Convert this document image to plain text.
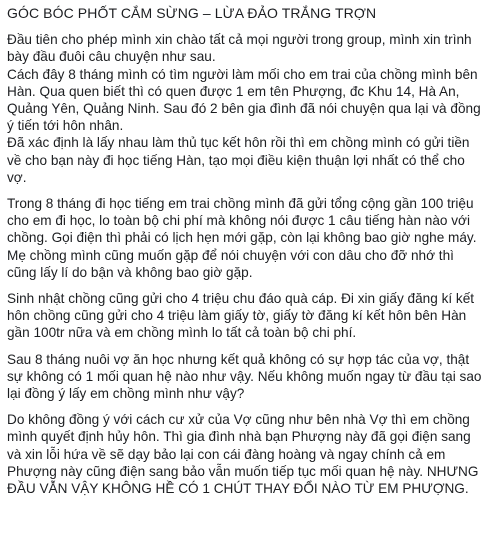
GÓC BÓC PHỐT CẮM SỪNG – LỪA ĐẢO TRẮNG TRỢN
Đầu tiên cho phép mình xin chào tất cả mọi người trong group, mình xin trình bày đầu đuôi câu chuyện như sau.
Cách đây 8 tháng mình có tìm người làm mối cho em trai của chồng mình bên Hàn. Qua quen biết thì có quen được 1 em tên Phượng, đc Khu 14, Hà An, Quảng Yên, Quảng Ninh. Sau đó 2 bên gia đình đã nói chuyện qua lại và đồng ý tiến tới hôn nhân.
Đã xác định là lấy nhau làm thủ tục kết hôn rồi thì em chồng mình có gửi tiền về cho bạn này đi học tiếng Hàn, tạo mọi điều kiện thuận lợi nhất có thể cho vợ.
Trong 8 tháng đi học tiếng em trai chồng mình đã gửi tổng cộng gần 100 triệu cho em đi học, lo toàn bộ chi phí mà không nói được 1 câu tiếng hàn nào với chồng. Gọi điện thì phải có lịch hẹn mới gặp, còn lại không bao giờ nghe máy. Mẹ chồng mình cũng muốn gặp để nói chuyện với con dâu cho đỡ nhớ thì cũng lấy lí do bận và không bao giờ gặp.
Sinh nhật chồng cũng gửi cho 4 triệu chu đáo quà cáp. Đi xin giấy đăng kí kết hôn chồng cũng gửi cho 4 triệu làm giấy tờ, giấy tờ đăng kí kết hôn bên Hàn gần 100tr nữa và em chồng mình lo tất cả toàn bộ chi phí.
Sau 8 tháng nuôi vợ ăn học nhưng kết quả không có sự hợp tác của vợ, thật sự không có 1 mối quan hệ nào như vậy. Nếu không muốn ngay từ đầu tại sao lại đồng ý lấy em chồng mình như vậy?
Do không đồng ý với cách cư xử của Vợ cũng như bên nhà Vợ thì em chồng mình quyết định hủy hôn. Thì gia đình nhà bạn Phượng này đã gọi điện sang và xin lỗi hứa về sẽ dạy bảo lại con cái đàng hoàng và ngay chính cả em Phượng này cũng điện sang bảo vẫn muốn tiếp tục mối quan hệ này. NHƯNG ĐẦU VẪN VẬY KHÔNG HỀ CÓ 1 CHÚT THAY ĐỔI NÀO TỪ EM PHƯỢNG.
